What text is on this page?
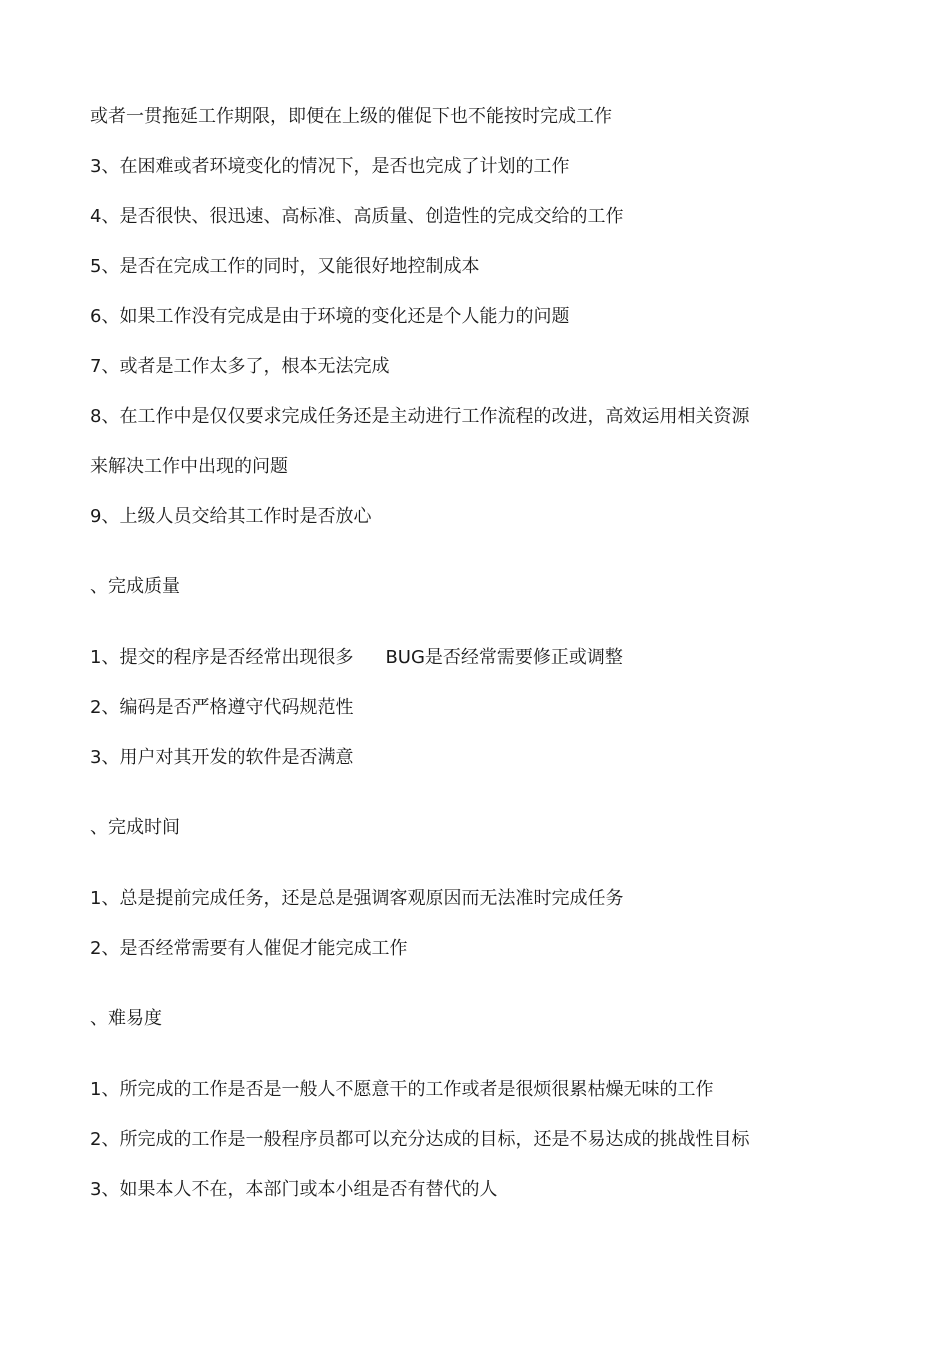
或者一贯拖延工作期限，即便在上级的催促下也不能按时完成工作
3、在困难或者环境变化的情况下，是否也完成了计划的工作
4、是否很快、很迅速、高标准、高质量、创造性的完成交给的工作
5、是否在完成工作的同时，又能很好地控制成本
6、如果工作没有完成是由于环境的变化还是个人能力的问题
7、或者是工作太多了，根本无法完成
8、在工作中是仅仅要求完成任务还是主动进行工作流程的改进，高效运用相关资源
来解决工作中出现的问题
9、上级人员交给其工作时是否放心
、完成质量
1、提交的程序是否经常出现很多 BUG是否经常需要修正或调整
2、编码是否严格遵守代码规范性
3、用户对其开发的软件是否满意
、完成时间
1、总是提前完成任务，还是总是强调客观原因而无法准时完成任务
2、是否经常需要有人催促才能完成工作
、难易度
1、所完成的工作是否是一般人不愿意干的工作或者是很烦很累枯燥无味的工作
2、所完成的工作是一般程序员都可以充分达成的目标，还是不易达成的挑战性目标
3、如果本人不在，本部门或本小组是否有替代的人
